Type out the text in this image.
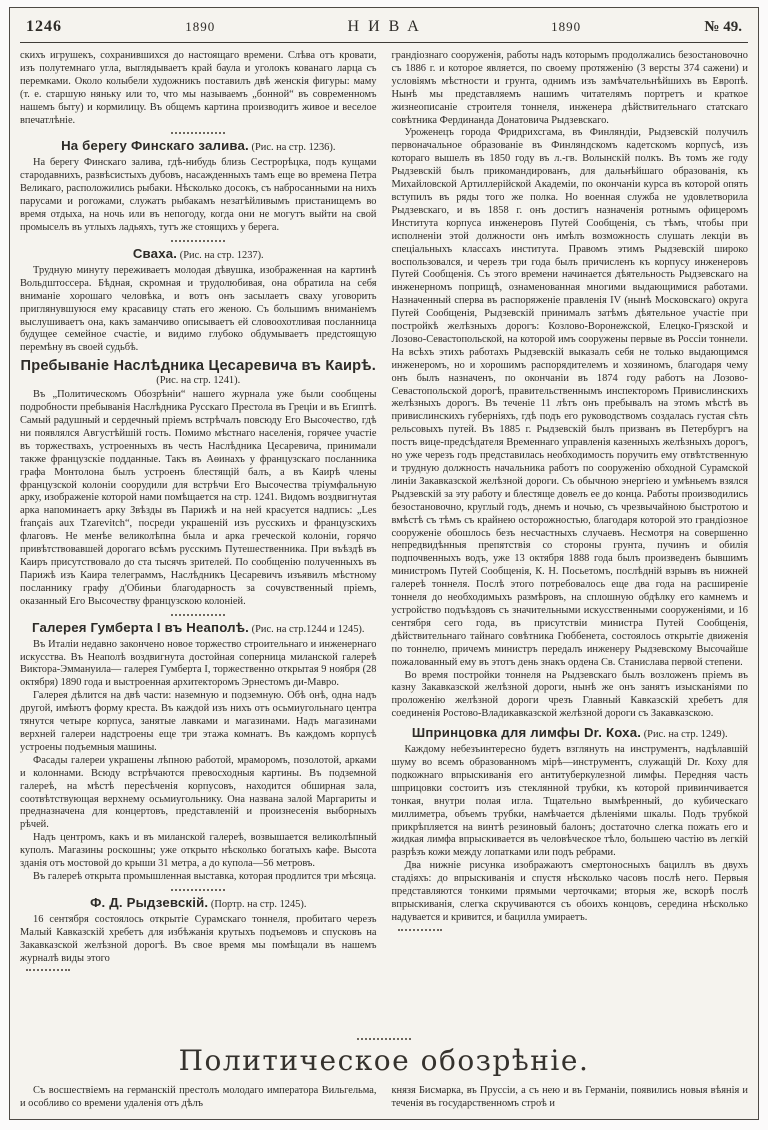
1246	1890	НИВА	1890	№ 49.

скихъ игрушекъ, сохранившихся до настоящаго времени. Слѣва отъ кровати, изъ полутемнаго угла, выглядываетъ край баула и уголокъ кованаго ларца съ перемками. Около колыбели художникъ поставилъ двѣ женскія фигуры: маму (т. е. старшую няньку или то, что мы называемъ „бонной“ въ современномъ нашемъ быту) и кормилицу. Въ общемъ картина производитъ живое и веселое впечатлѣніе.

На берегу Финскаго залива. (Рис. на стр. 1236).

На берегу Финскаго залива, гдѣ-нибудь близь Сестрорѣцка, подъ кущами стародавнихъ, развѣсистыхъ дубовъ, насажденныхъ тамъ еще во времена Петра Великаго, расположились рыбаки. Нѣсколько досокъ, съ набросанными на нихъ парусами и рогожами, служатъ рыбакамъ незатѣйливымъ пристанищемъ во время отдыха, на ночь или въ непогоду, когда они не могутъ выйти на свой промыселъ въ утлыхъ ладьяхъ, тутъ же стоящихъ у берега.

Сваха. (Рис. на стр. 1237).

Трудную минуту переживаетъ молодая дѣвушка, изображенная на картинѣ Вольдштоссера. Бѣдная, скромная и трудолюбивая, она обратила на себя вниманіе хорошаго человѣка, и вотъ онъ засылаетъ сваху уговорить приглянувшуюся ему красавицу стать его женою. Съ большимъ вниманіемъ выслушиваетъ она, какъ заманчиво описываетъ ей словоохотливая посланница будущее семейное счастіе, и видимо глубоко обдумываетъ предстоящую перемѣну въ своей судьбѣ.

Пребываніе Наслѣдника Цесаревича въ Каирѣ.
(Рис. на стр. 1241).

Въ „Политическомъ Обозрѣніи“ нашего журнала уже были сообщены подробности пребыванія Наслѣдника Русскаго Престола въ Греціи и въ Египтѣ. Самый радушный и сердечный пріемъ встрѣчалъ повсюду Его Высочество, гдѣ ни появлялся Августѣйшій гость. Помимо мѣстнаго населенія, горячее участіе въ торжествахъ, устроенныхъ въ честь Наслѣдника Цесаревича, принимали также французскіе подданные. Такъ въ Аѳинахъ у французскаго посланника графа Монтолона былъ устроенъ блестящій балъ, а въ Каирѣ члены французской колоніи соорудили для встрѣчи Его Высочества тріумфальную арку, изображеніе которой нами помѣщается на стр. 1241. Видомъ воздвигнутая арка напоминаетъ арку Звѣзды въ Парижѣ и на ней красуется надпись: „Les français aux Tzarevitch“, посреди украшеній изъ русскихъ и французскихъ флаговъ. Не менѣе великолѣпна была и арка греческой колоніи, горячо привѣтствовавшей дорогаго всѣмъ русскимъ Путешественника. При въѣздѣ въ Каиръ присутствовало до ста тысячъ зрителей. По сообщенію полученныхъ въ Парижѣ изъ Каира телеграммъ, Наслѣдникъ Цесаревичъ изъявилъ мѣстному посланнику графу д'Обиньи благодарность за сочувственный пріемъ, оказанный Его Высочеству французскою колоніей.

Галерея Гумберта I въ Неаполѣ. (Рис. на стр.1244 и 1245).

Въ Италіи недавно закончено новое торжество строительнаго и инженернаго искусства. Въ Неаполѣ воздвигнута достойная соперница миланской галереѣ Виктора-Эммануила— галерея Гумберта I, торжественно открытая 9 ноября (28 октября) 1890 года и выстроенная архитекторомъ Эрнестомъ ди-Мавро.

Галерея дѣлится на двѣ части: наземную и подземную. Обѣ онѣ, одна надъ другой, имѣютъ форму креста. Въ каждой изъ нихъ отъ осьмиугольнаго центра тянутся четыре корпуса, занятые лавками и магазинами. Надъ магазинами верхней галереи надстроены еще три этажа комнатъ. Въ каждомъ корпусѣ устроены подъемныя машины.

Фасады галереи украшены лѣпною работой, мраморомъ, позолотой, арками и колоннами. Всюду встрѣчаются превосходныя картины. Въ подземной галереѣ, на мѣстѣ пересѣченія корпусовъ, находится обширная зала, соотвѣтствующая верхнему осьмиугольнику. Она названа залой Маргариты и предназначена для концертовъ, представленій и произнесенія выборныхъ рѣчей.

Надъ центромъ, какъ и въ миланской галереѣ, возвышается великолѣпный куполъ. Магазины роскошны; уже открыто нѣсколько богатыхъ кафе. Высота зданія отъ мостовой до крыши 31 метра, а до купола—56 метровъ.

Въ галереѣ открыта промышленная выставка, которая продлится три мѣсяца.

Ф. Д. Рыдзевскій. (Портр. на стр. 1245).

16 сентября состоялось открытіе Сурамскаго тоннеля, пробитаго черезъ Малый Кавказскій хребетъ для избѣжанія крутыхъ подъемовъ и спусковъ на Закавказской желѣзной дорогѣ. Въ свое время мы помѣщали въ нашемъ журналѣ виды этого

грандіознаго сооруженія, работы надъ которымъ продолжались безостановочно съ 1886 г. и которое является, по своему протяженію (3 версты 374 сажени) и условіямъ мѣстности и грунта, однимъ изъ замѣчательнѣйшихъ въ Европѣ. Нынѣ мы представляемъ нашимъ читателямъ портретъ и краткое жизнеописаніе строителя тоннеля, инженера дѣйствительнаго статскаго совѣтника Фердинанда Донатовича Рыдзевскаго.

Уроженецъ города Фридрихсгама, въ Финляндіи, Рыдзевскій получилъ первоначальное образованіе въ Финляндскомъ кадетскомъ корпусѣ, изъ котораго вышелъ въ 1850 году въ л.-гв. Волынскій полкъ. Въ томъ же году Рыдзевскій былъ прикомандированъ, для дальнѣйшаго образованія, къ Михайловской Артиллерійской Академіи, по окончаніи курса въ которой опять вступилъ въ ряды того же полка. Но военная служба не удовлетворила Рыдзевскаго, и въ 1858 г. онъ достигъ назначенія ротнымъ офицеромъ Института корпуса инженеровъ Путей Сообщенія, съ тѣмъ, чтобы при исполненіи этой должности онъ имѣлъ возможность слушать лекціи въ спеціальныхъ классахъ института. Правомъ этимъ Рыдзевскій широко воспользовался, и черезъ три года былъ причисленъ къ корпусу инженеровъ Путей Сообщенія. Съ этого времени начинается дѣятельность Рыдзевскаго на инженерномъ поприщѣ, ознаменованная многими выдающимися работами. Назначенный сперва въ распоряженіе правленія IV (нынѣ Московскаго) округа Путей Сообщенія, Рыдзевскій принималъ затѣмъ дѣятельное участіе при постройкѣ желѣзныхъ дорогъ: Козлово-Воронежской, Елецко-Грязской и Лозово-Севастопольской, на которой имъ сооружены первые въ Россіи тоннели. На всѣхъ этихъ работахъ Рыдзевскій выказалъ себя не только выдающимся инженеромъ, но и хорошимъ распорядителемъ и хозяиномъ, благодаря чему онъ былъ назначенъ, по окончаніи въ 1874 году работъ на Лозово-Севастопольской дорогѣ, правительственнымъ инспекторомъ Привислинскихъ желѣзныхъ дорогъ. Въ теченіе 11 лѣтъ онъ пребывалъ на этомъ мѣстѣ въ привислинскихъ губерніяхъ, гдѣ подъ его руководствомъ создалась густая сѣть рельсовыхъ путей. Въ 1885 г. Рыдзевскій былъ призванъ въ Петербургъ на постъ вице-предсѣдателя Временнаго управленія казенныхъ желѣзныхъ дорогъ, но уже черезъ годъ представилась необходимость поручить ему отвѣтственную и трудную должность начальника работъ по сооруженію обходной Сурамской линіи Закавказской желѣзной дороги. Съ обычною энергіею и умѣньемъ взялся Рыдзевскій за эту работу и блестяще довелъ ее до конца. Работы производились безостановочно, круглый годъ, днемъ и ночью, съ чрезвычайною быстротою и вмѣстѣ съ тѣмъ съ крайнею осторожностью, благодаря которой это грандіозное сооруженіе обошлось безъ несчастныхъ случаевъ. Несмотря на совершенно непредвидѣнныя препятствія со стороны грунта, пучинъ и обилія подпочвенныхъ водъ, уже 13 октября 1888 года былъ произведенъ бывшимъ министромъ Путей Сообщенія, К. Н. Посьетомъ, послѣдній взрывъ въ нижней галереѣ тоннеля. Послѣ этого потребовалось еще два года на расширеніе тоннеля до необходимыхъ размѣровъ, на сплошную обдѣлку его камнемъ и устройство подъѣздовъ съ значительными искусственными сооруженіями, и 16 сентября сего года, въ присутствіи министра Путей Сообщенія, дѣйствительнаго тайнаго совѣтника Гюббенета, состоялось открытіе движенія по тоннелю, причемъ министръ передалъ инженеру Рыдзевскому Высочайше пожалованный ему въ этотъ день знакъ ордена Св. Станислава первой степени.

Во время постройки тоннеля на Рыдзевскаго былъ возложенъ пріемъ въ казну Закавказской желѣзной дороги, нынѣ же онъ занятъ изысканіями по проложенію желѣзной дороги чрезъ Главный Кавказскій хребетъ для соединенія Ростово-Владикавказской желѣзной дороги съ Закавказскою.

Шпринцовка для лимфы Dr. Коха. (Рис. на стр. 1249).

Каждому небезъинтересно будетъ взглянуть на инструментъ, надѣлавшій шуму во всемъ образованномъ мірѣ—инструментъ, служащій Dr. Коху для подкожнаго впрыскиванія его антитуберкулезной лимфы. Передняя часть шприцовки состоитъ изъ стеклянной трубки, къ которой привинчивается тонкая, внутри полая игла. Тщательно вымѣренный, до кубическаго миллиметра, объемъ трубки, намѣчается дѣленіями шкалы. Подъ трубкой прикрѣпляется на винтѣ резиновый балонъ; достаточно слегка пожать его и жидкая лимфа впрыскивается въ человѣческое тѣло, большею частію въ легкій разрѣзъ кожи между лопатками или подъ ребрами.

Два нижніе рисунка изображаютъ смертоносныхъ бациллъ въ двухъ стадіяхъ: до впрыскиванія и спустя нѣсколько часовъ послѣ него. Первыя представляются тонкими прямыми черточками; вторыя же, вскорѣ послѣ впрыскиванія, слегка скручиваются съ обоихъ концовъ, середина нѣсколько надувается и кривится, и бацилла умираетъ.

Политическое обозрѣніе.

Съ восшествіемъ на германскій престолъ молодаго императора Вильгельма, и особливо со времени удаленія отъ дѣлъ

князя Бисмарка, въ Пруссіи, а съ нею и въ Германіи, появились новыя вѣянія и теченія въ государственномъ строѣ и
